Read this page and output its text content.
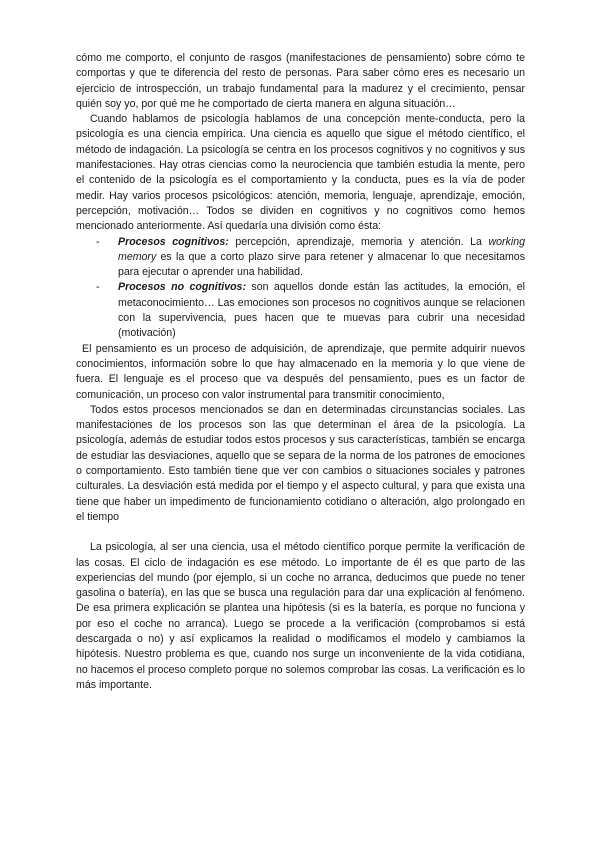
cómo me comporto, el conjunto de rasgos (manifestaciones de pensamiento) sobre cómo te comportas y que te diferencia del resto de personas. Para saber cómo eres es necesario un ejercicio de introspección, un trabajo fundamental para la madurez y el crecimiento, pensar quién soy yo, por qué me he comportado de cierta manera en alguna situación…

Cuando hablamos de psicología hablamos de una concepción mente-conducta, pero la psicología es una ciencia empírica. Una ciencia es aquello que sigue el método científico, el método de indagación. La psicología se centra en los procesos cognitivos y no cognitivos y sus manifestaciones. Hay otras ciencias como la neurociencia que también estudia la mente, pero el contenido de la psicología es el comportamiento y la conducta, pues es la vía de poder medir. Hay varios procesos psicológicos: atención, memoria, lenguaje, aprendizaje, emoción, percepción, motivación… Todos se dividen en cognitivos y no cognitivos como hemos mencionado anteriormente. Así quedaría una división como ésta:

- Procesos cognitivos: percepción, aprendizaje, memoria y atención. La working memory es la que a corto plazo sirve para retener y almacenar lo que necesitamos para ejecutar o aprender una habilidad.
- Procesos no cognitivos: son aquellos donde están las actitudes, la emoción, el metaconocimiento… Las emociones son procesos no cognitivos aunque se relacionen con la supervivencia, pues hacen que te muevas para cubrir una necesidad (motivación)

El pensamiento es un proceso de adquisición, de aprendizaje, que permite adquirir nuevos conocimientos, información sobre lo que hay almacenado en la memoria y lo que viene de fuera. El lenguaje es el proceso que va después del pensamiento, pues es un factor de comunicación, un proceso con valor instrumental para transmitir conocimiento,

Todos estos procesos mencionados se dan en determinadas circunstancias sociales. Las manifestaciones de los procesos son las que determinan el área de la psicología. La psicología, además de estudiar todos estos procesos y sus características, también se encarga de estudiar las desviaciones, aquello que se separa de la norma de los patrones de emociones o comportamiento. Esto también tiene que ver con cambios o situaciones sociales y patrones culturales. La desviación está medida por el tiempo y el aspecto cultural, y para que exista una tiene que haber un impedimento de funcionamiento cotidiano o alteración, algo prolongado en el tiempo

La psicología, al ser una ciencia, usa el método científico porque permite la verificación de las cosas. El ciclo de indagación es ese método. Lo importante de él es que parto de las experiencias del mundo (por ejemplo, si un coche no arranca, deducimos que puede no tener gasolina o batería), en las que se busca una regulación para dar una explicación al fenómeno. De esa primera explicación se plantea una hipótesis (si es la batería, es porque no funciona y por eso el coche no arranca). Luego se procede a la verificación (comprobamos si está descargada o no) y así explicamos la realidad o modificamos el modelo y cambiamos la hipótesis. Nuestro problema es que, cuando nos surge un inconveniente de la vida cotidiana, no hacemos el proceso completo porque no solemos comprobar las cosas. La verificación es lo más importante.
